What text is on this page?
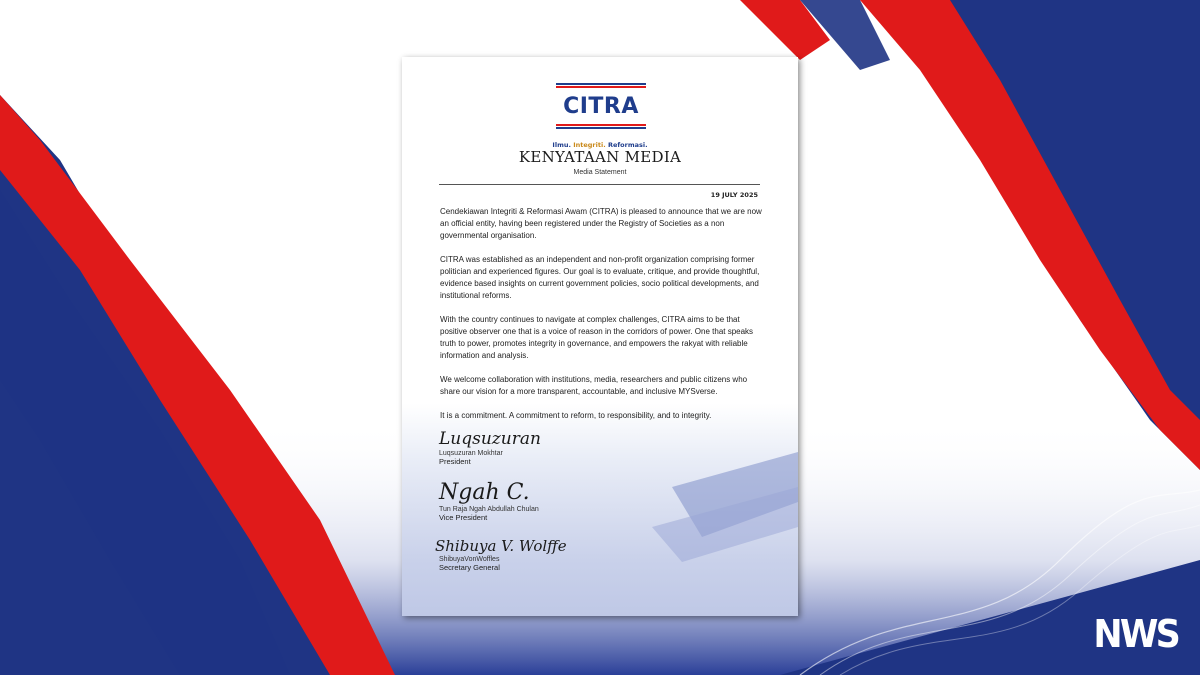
CITRA
Ilmu. Integriti. Reformasi.
KENYATAAN MEDIA
Media Statement
19 JULY 2025

Cendekiawan Integriti & Reformasi Awam (CITRA) is pleased to announce that we are now an official entity, having been registered under the Registry of Societies as a non governmental organisation.

CITRA was established as an independent and non-profit organization comprising former politician and experienced figures. Our goal is to evaluate, critique, and provide thoughtful, evidence based insights on current government policies, socio political developments, and institutional reforms.

With the country continues to navigate at complex challenges, CITRA aims to be that positive observer one that is a voice of reason in the corridors of power. One that speaks truth to power, promotes integrity in governance, and empowers the rakyat with reliable information and analysis.

We welcome collaboration with institutions, media, researchers and public citizens who share our vision for a more transparent, accountable, and inclusive MYSverse.

It is a commitment. A commitment to reform, to responsibility, and to integrity.

Luqsuzuran
Luqsuzuran Mokhtar
President
Ngah C.
Tun Raja Ngah Abdullah Chulan
Vice President
Shibuya V. Wolffe
ShibuyaVonWoffles
Secretary General
NWS
